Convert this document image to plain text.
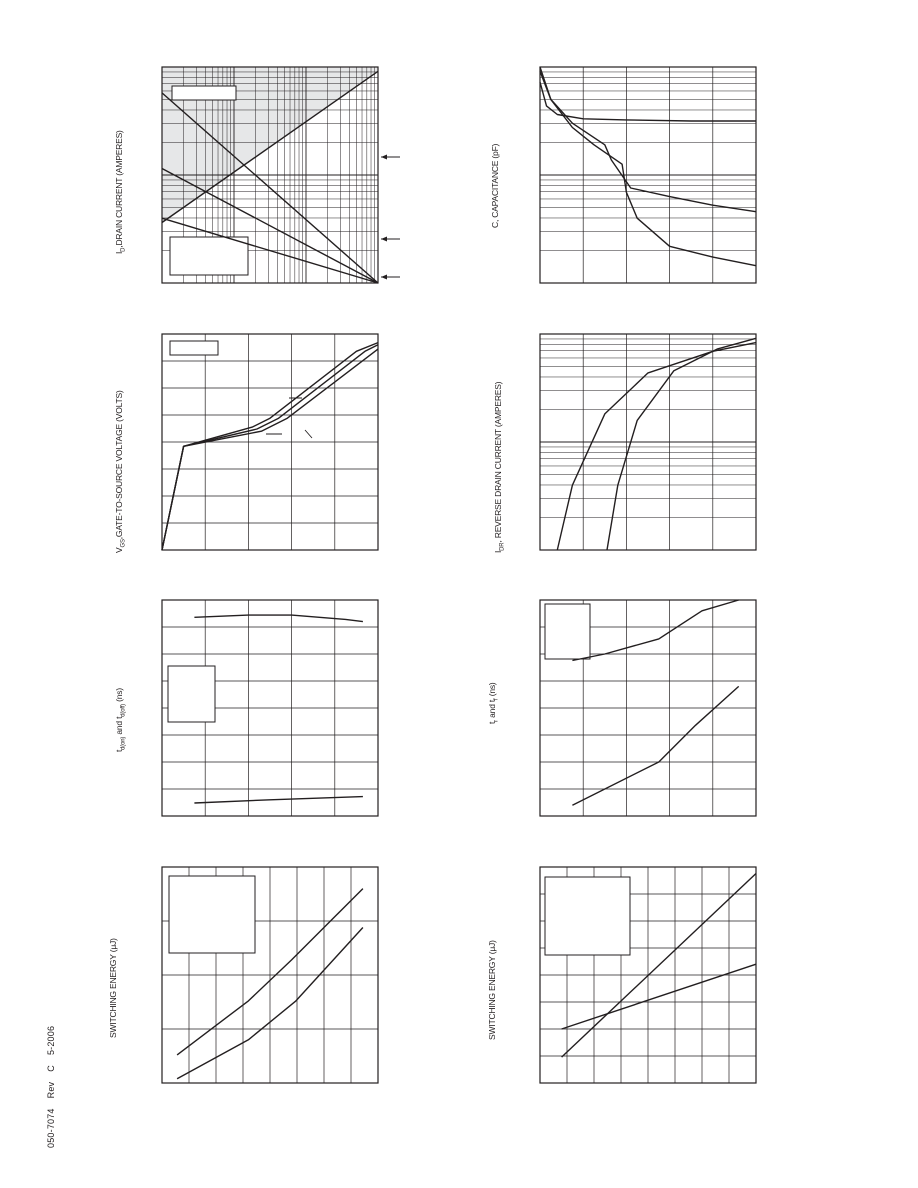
$I_D,DRAIN$ CURRENT (AMPERES)
$V_{GS},GATE-TO$-SOURCE VOLTAGE (VOLTS)
$t_{d(on)}$ and $t_{d(off)}$ (ns)
SWITCHING ENERGY (μJ)
C, CAPACITANCE (pF)
$I_{DR}$, REVERSE DRAIN CURRENT (AMPERES)
$t_r$ and $t_f$ (ns)
SWITCHING ENERGY (μJ)
050-7074RevC5-2006
